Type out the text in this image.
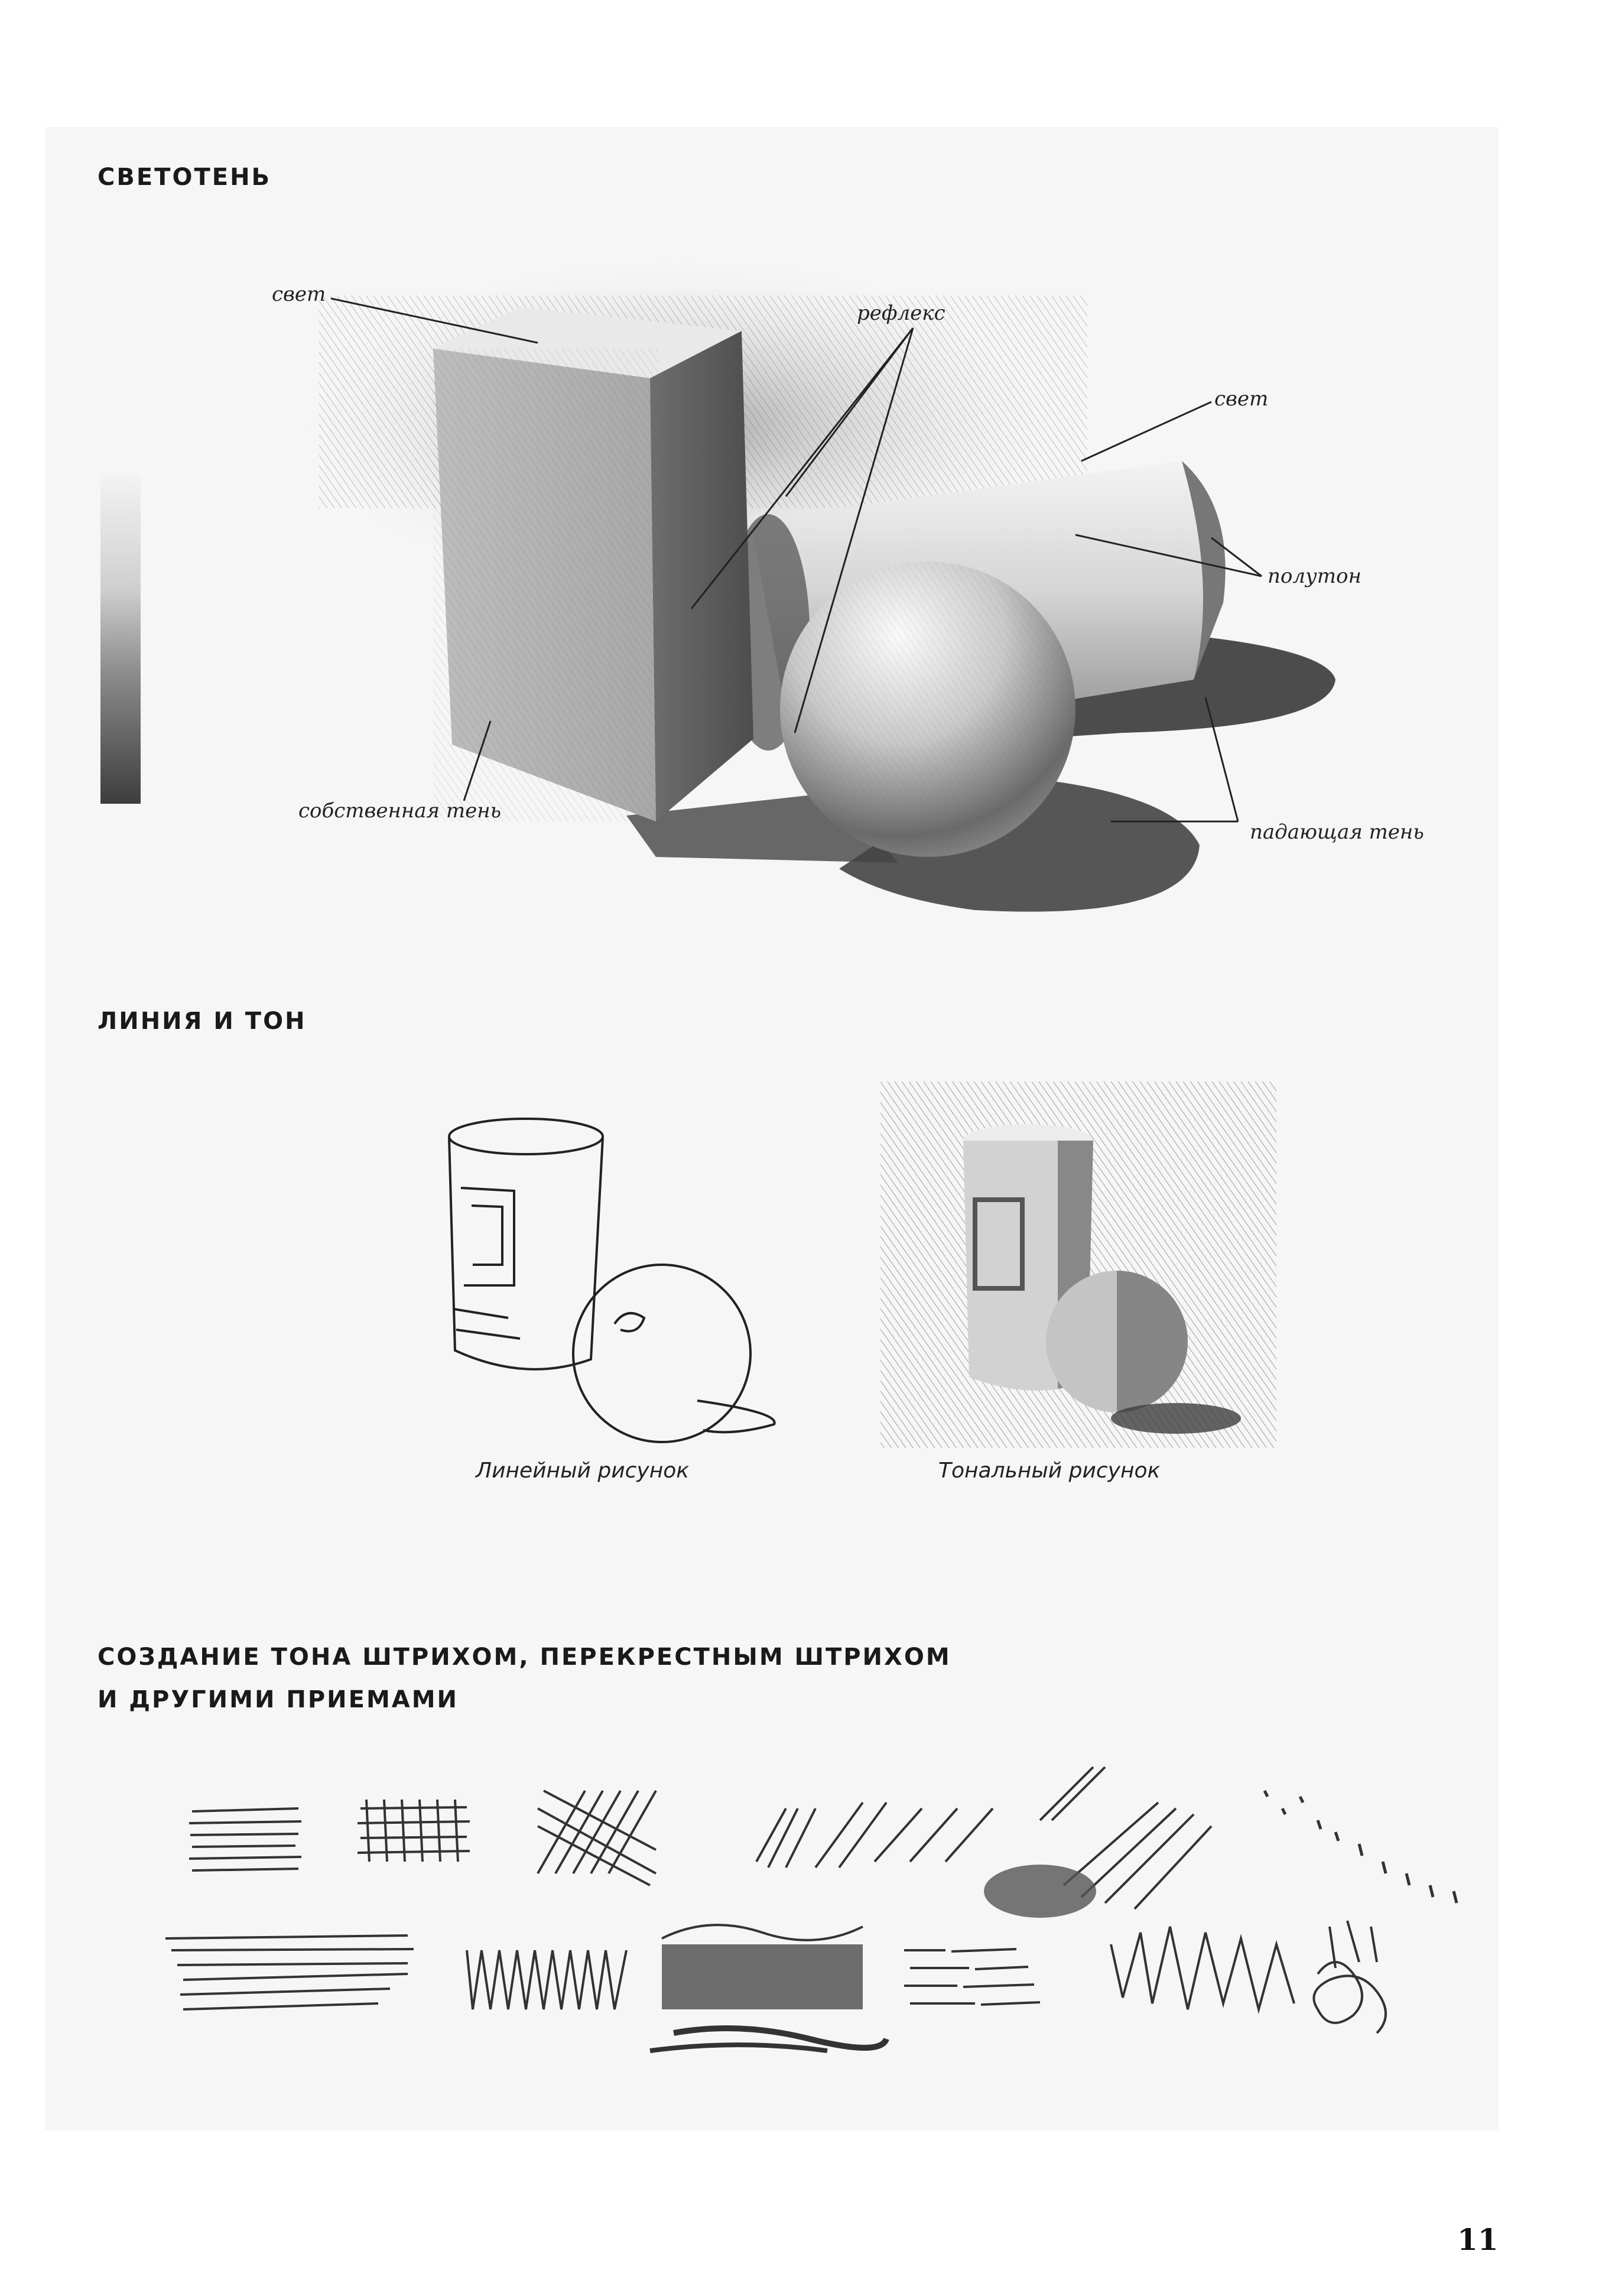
СВЕТОТЕНЬ
ЛИНИЯ И ТОН
СОЗДАНИЕ ТОНА ШТРИХОМ, ПЕРЕКРЕСТНЫМ ШТРИХОМ
И ДРУГИМИ ПРИЕМАМИ
свет
рефлекс
свет
полутон
собственная тень
падающая тень
Линейный рисунок	Тональный рисунок
11
